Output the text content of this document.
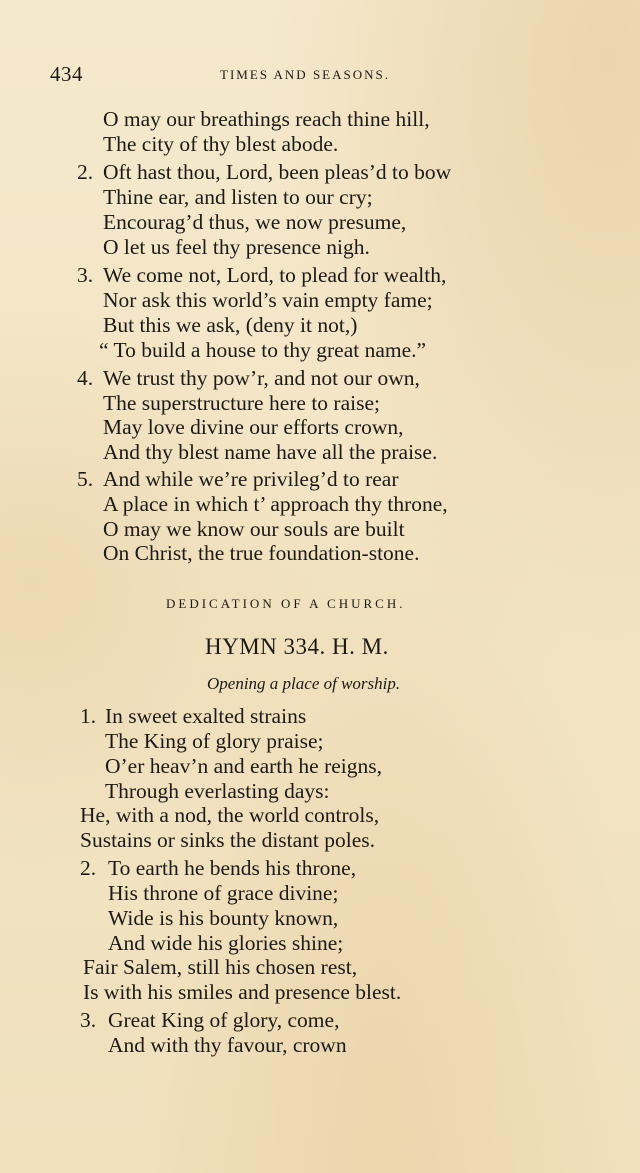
434	TIMES AND SEASONS.
O may our breathings reach thine hill,
The city of thy blest abode.
2. Oft hast thou, Lord, been pleas’d to bow
Thine ear, and listen to our cry;
Encourag’d thus, we now presume,
O let us feel thy presence nigh.
3. We come not, Lord, to plead for wealth,
Nor ask this world’s vain empty fame;
But this we ask, (deny it not,)
“ To build a house to thy great name.”
4. We trust thy pow’r, and not our own,
The superstructure here to raise;
May love divine our efforts crown,
And thy blest name have all the praise.
5. And while we’re privileg’d to rear
A place in which t’ approach thy throne,
O may we know our souls are built
On Christ, the true foundation-stone.
DEDICATION OF A CHURCH.
HYMN 334. H. M.
Opening a place of worship.
1. In sweet exalted strains
The King of glory praise;
O’er heav’n and earth he reigns,
Through everlasting days:
He, with a nod, the world controls,
Sustains or sinks the distant poles.
2. To earth he bends his throne,
His throne of grace divine;
Wide is his bounty known,
And wide his glories shine;
Fair Salem, still his chosen rest,
Is with his smiles and presence blest.
3. Great King of glory, come,
And with thy favour, crown
